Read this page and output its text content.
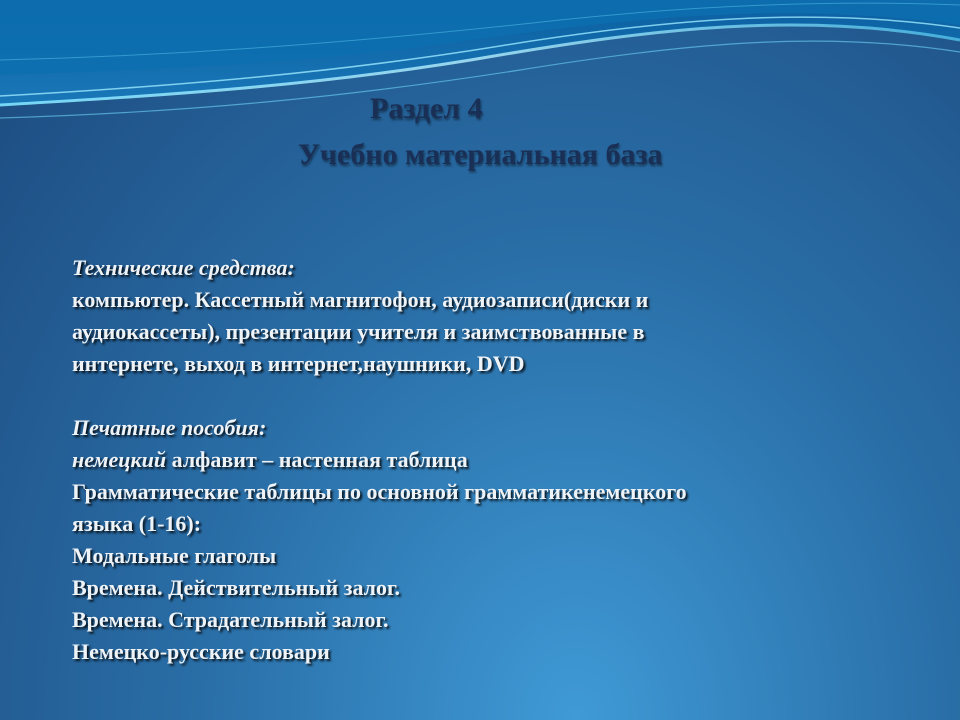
Раздел 4
Учебно материальная база
Технические средства:
компьютер. Кассетный магнитофон, аудиозаписи(диски и
аудиокассеты), презентации учителя и заимствованные в
интернете, выход в интернет,наушники, DVD
Печатные пособия:
немецкий алфавит – настенная таблица
Грамматические таблицы по основной грамматикенемецкого
языка (1-16):
Модальные глаголы
Времена. Действительный залог.
Времена. Страдательный залог.
Немецко-русские словари
